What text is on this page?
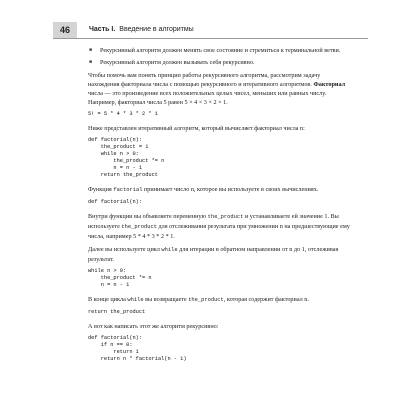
46	Часть I. Введение в алгоритмы
■ Рекурсивный алгоритм должен менять свое состояние и стремиться к терминальной ветви.
■ Рекурсивный алгоритм должен вызывать себя рекурсивно.

Чтобы помочь вам понять принцип работы рекурсивного алгоритма, рассмотрим задачу нахождения факториала числа с помощью рекурсивного и итеративного алгоритмов. Факториал числа — это произведение всех положительных целых чисел, меньших или равных числу. Например, факториал числа 5 равен 5 × 4 × 3 × 2 × 1.

5! = 5 * 4 * 3 * 2 * 1

Ниже представлен итеративный алгоритм, который вычисляет факториал числа n:

def factorial(n):
the_product = 1
while n > 0:
the_product *= n
n = n - 1
return the_product

Функция factorial принимает число n, которое вы используете в своих вычислениях.

def factorial(n):

Внутри функции вы объявляете переменную the_product и устанавливаете ей значение 1. Вы используете the_product для отслеживания результата при умножении n на предшествующие ему числа, например 5 * 4 * 3 * 2 * 1.

Далее вы используете цикл while для итерации в обратном направлении от n до 1, отслеживая результат.

while n > 0:
the_product *= n
n = n - 1

В конце цикла while вы возвращаете the_product, которая содержит факториал n.

return the_product

А вот как написать этот же алгоритм рекурсивно:

def factorial(n):
if n == 0:
return 1
return n * factorial(n - 1)
